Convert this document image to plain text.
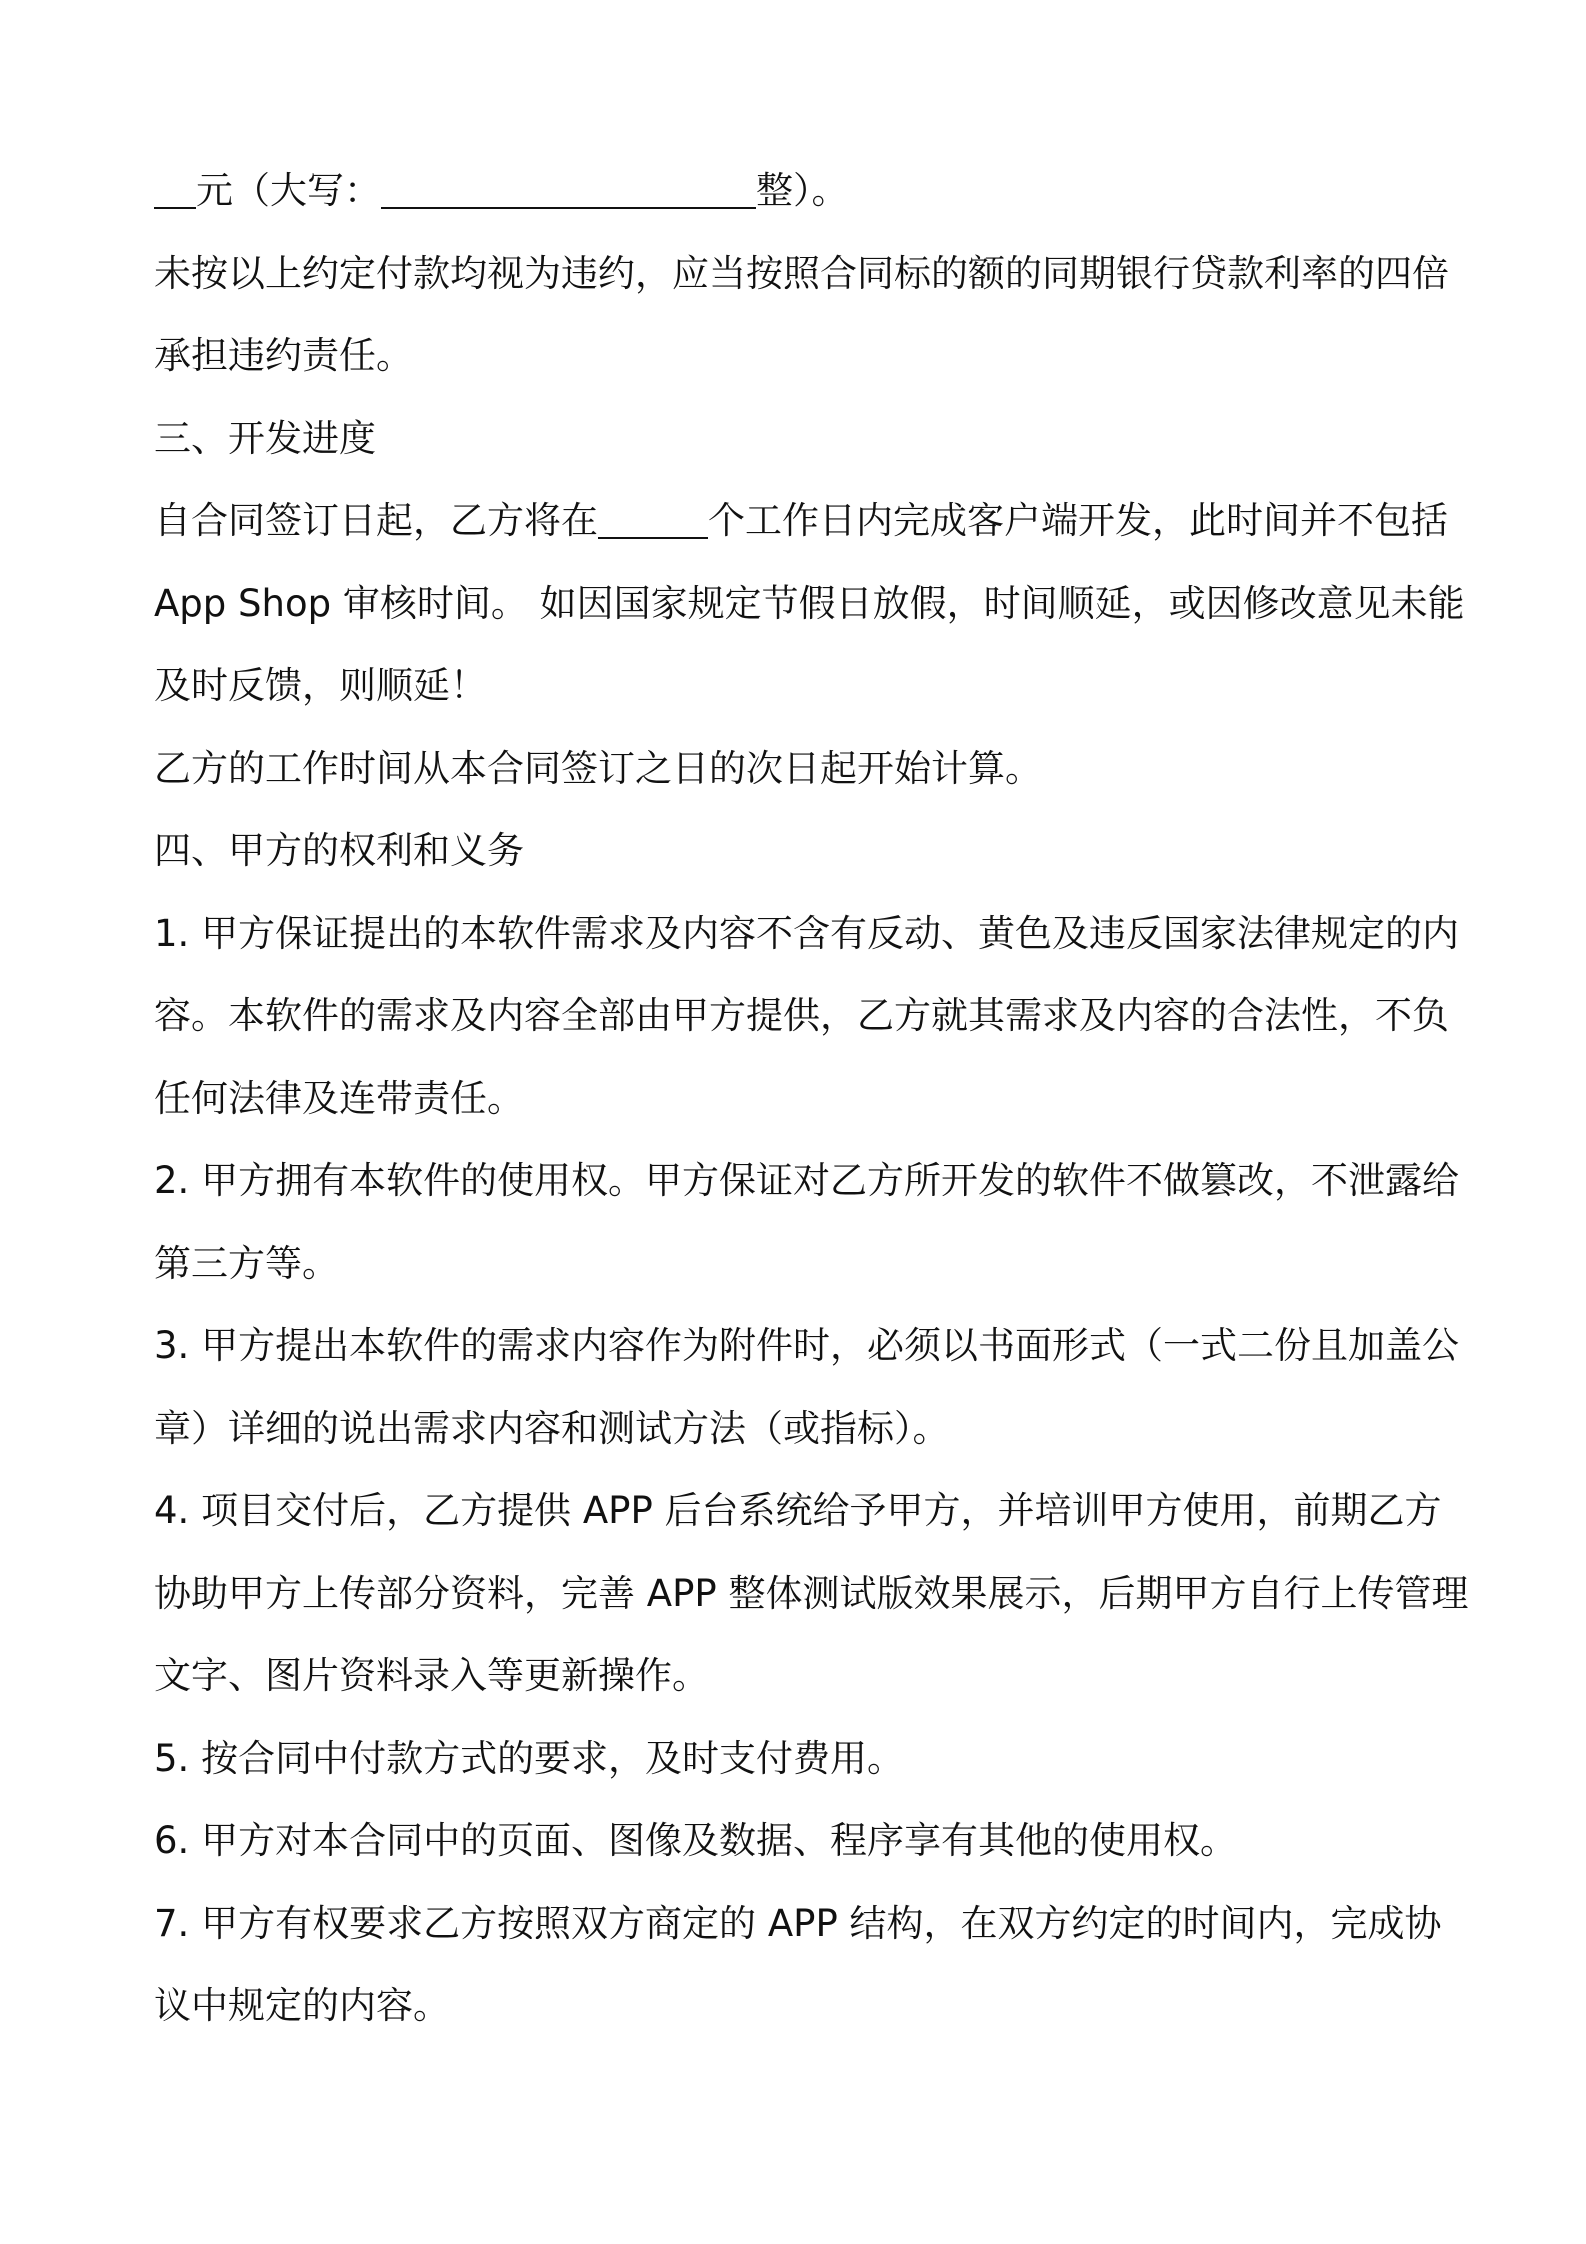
元（大写：	整）。
未按以上约定付款均视为违约，应当按照合同标的额的同期银行贷款利率的四倍
承担违约责任。
三、开发进度
自合同签订日起，乙方将在	个工作日内完成客户端开发，此时间并不包括
App Shop 审核时间。 如因国家规定节假日放假，时间顺延，或因修改意见未能
及时反馈，则顺延！
乙方的工作时间从本合同签订之日的次日起开始计算。
四、甲方的权利和义务
1. 甲方保证提出的本软件需求及内容不含有反动、黄色及违反国家法律规定的内
容。本软件的需求及内容全部由甲方提供，乙方就其需求及内容的合法性，不负
任何法律及连带责任。
2. 甲方拥有本软件的使用权。甲方保证对乙方所开发的软件不做篡改，不泄露给
第三方等。
3. 甲方提出本软件的需求内容作为附件时，必须以书面形式（一式二份且加盖公
章）详细的说出需求内容和测试方法（或指标）。
4. 项目交付后，乙方提供 APP 后台系统给予甲方，并培训甲方使用，前期乙方
协助甲方上传部分资料，完善 APP 整体测试版效果展示，后期甲方自行上传管理
文字、图片资料录入等更新操作。
5. 按合同中付款方式的要求，及时支付费用。
6. 甲方对本合同中的页面、图像及数据、程序享有其他的使用权。
7. 甲方有权要求乙方按照双方商定的 APP 结构，在双方约定的时间内，完成协
议中规定的内容。
